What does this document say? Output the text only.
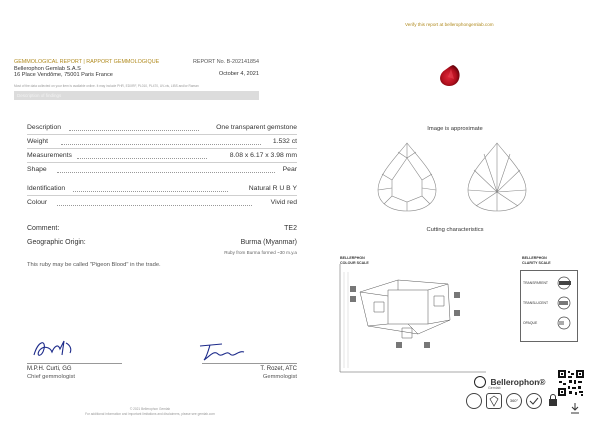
Verify this report at bellerophongemlab.com
GEMMOLOGICAL REPORT | RAPPORT GEMMOLOGIQUE	REPORT No. B-202141854
Bellerophon Gemlab S.A.S
October 4, 2021
16 Place Vendôme, 75001 Paris France
Most of the data collected on your item is available online. It may include PHR, EDXRF, PL010, PL470, UV-vis, LIBS and/or Raman
Description of findings
Description	One transparent gemstone
Weight	1.532 ct
Measurements	8.08 x 6.17 x 3.98 mm
Shape	Pear
Identification	Natural R U B Y
Colour	Vivid red
Comment:	TE2
Geographic Origin:	Burma (Myanmar)
Ruby from Burma formed ~30 m.y.a
This ruby may be called "Pigeon Blood" in the trade.
M.P.H. Curti, GG
Chief gemmologist
T. Rozet, ATC
Gemmologist
© 2021 Bellerophon Gemlab
For additional information and important limitations and disclaimers, please see gemlab.com
Image is approximate
Cutting characteristics
BELLERPHON COLOUR SCALE
BELLERPHON CLARITY SCALE
TRANSPARENT
TRANSLUCENT
OPAQUE
Bellerophon®
Gemlab
360°
